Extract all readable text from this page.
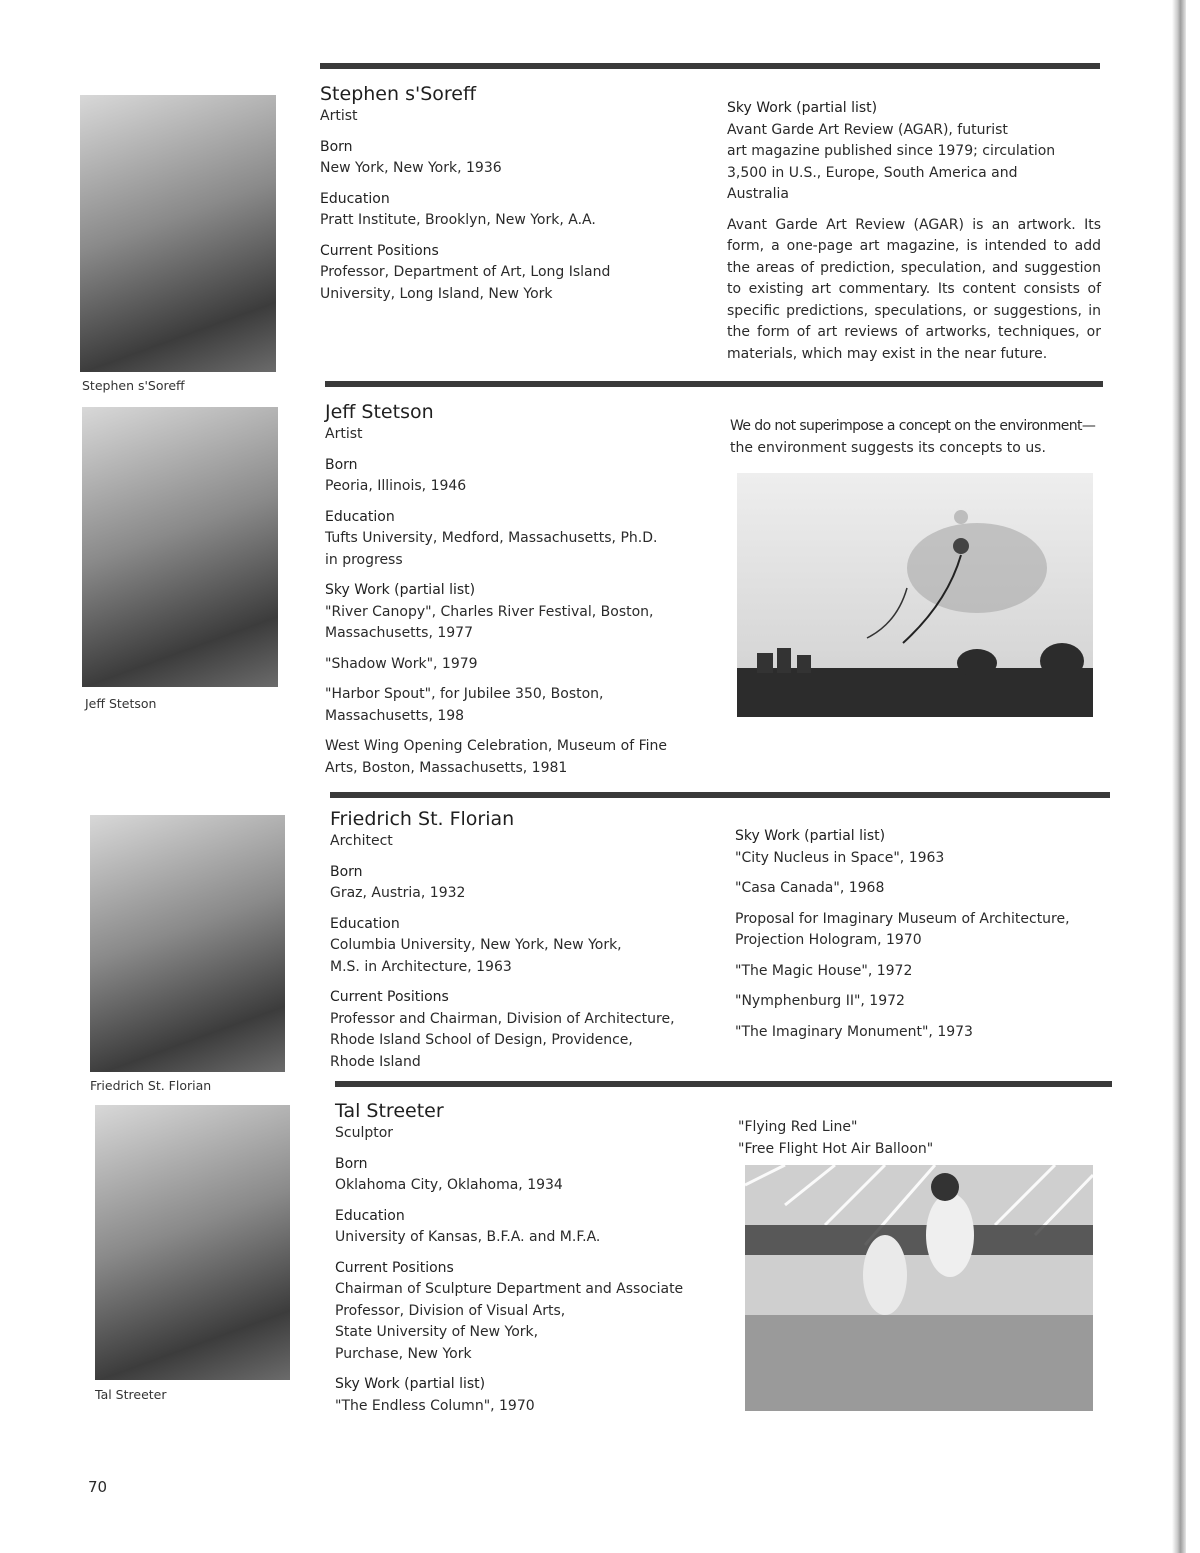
Stephen s'Soreff
Stephen s'Soreff
Artist
Born
New York, New York, 1936
Education
Pratt Institute, Brooklyn, New York, A.A.
Current Positions
Professor, Department of Art, Long Island
University, Long Island, New York
Sky Work (partial list)
Avant Garde Art Review (AGAR), futurist
art magazine published since 1979; circulation
3,500 in U.S., Europe, South America and
Australia
Avant Garde Art Review (AGAR) is an artwork. Its form, a one-page art magazine, is intended to add the areas of prediction, speculation, and suggestion to existing art commentary. Its content consists of specific predictions, speculations, or suggestions, in the form of art reviews of artworks, techniques, or materials, which may exist in the near future.
Jeff Stetson
Jeff Stetson
Artist
Born
Peoria, Illinois, 1946
Education
Tufts University, Medford, Massachusetts, Ph.D.
in progress
Sky Work (partial list)
"River Canopy", Charles River Festival, Boston,
Massachusetts, 1977
"Shadow Work", 1979
"Harbor Spout", for Jubilee 350, Boston,
Massachusetts, 198
West Wing Opening Celebration, Museum of Fine
Arts, Boston, Massachusetts, 1981
We do not superimpose a concept on the environment—
the environment suggests its concepts to us.
Friedrich St. Florian
Friedrich St. Florian
Architect
Born
Graz, Austria, 1932
Education
Columbia University, New York, New York,
M.S. in Architecture, 1963
Current Positions
Professor and Chairman, Division of Architecture,
Rhode Island School of Design, Providence,
Rhode Island
Sky Work (partial list)
"City Nucleus in Space", 1963
"Casa Canada", 1968
Proposal for Imaginary Museum of Architecture,
Projection Hologram, 1970
"The Magic House", 1972
"Nymphenburg II", 1972
"The Imaginary Monument", 1973
Tal Streeter
Tal Streeter
Sculptor
Born
Oklahoma City, Oklahoma, 1934
Education
University of Kansas, B.F.A. and M.F.A.
Current Positions
Chairman of Sculpture Department and Associate
Professor, Division of Visual Arts,
State University of New York,
Purchase, New York
Sky Work (partial list)
"The Endless Column", 1970
"Flying Red Line"
"Free Flight Hot Air Balloon"
70
